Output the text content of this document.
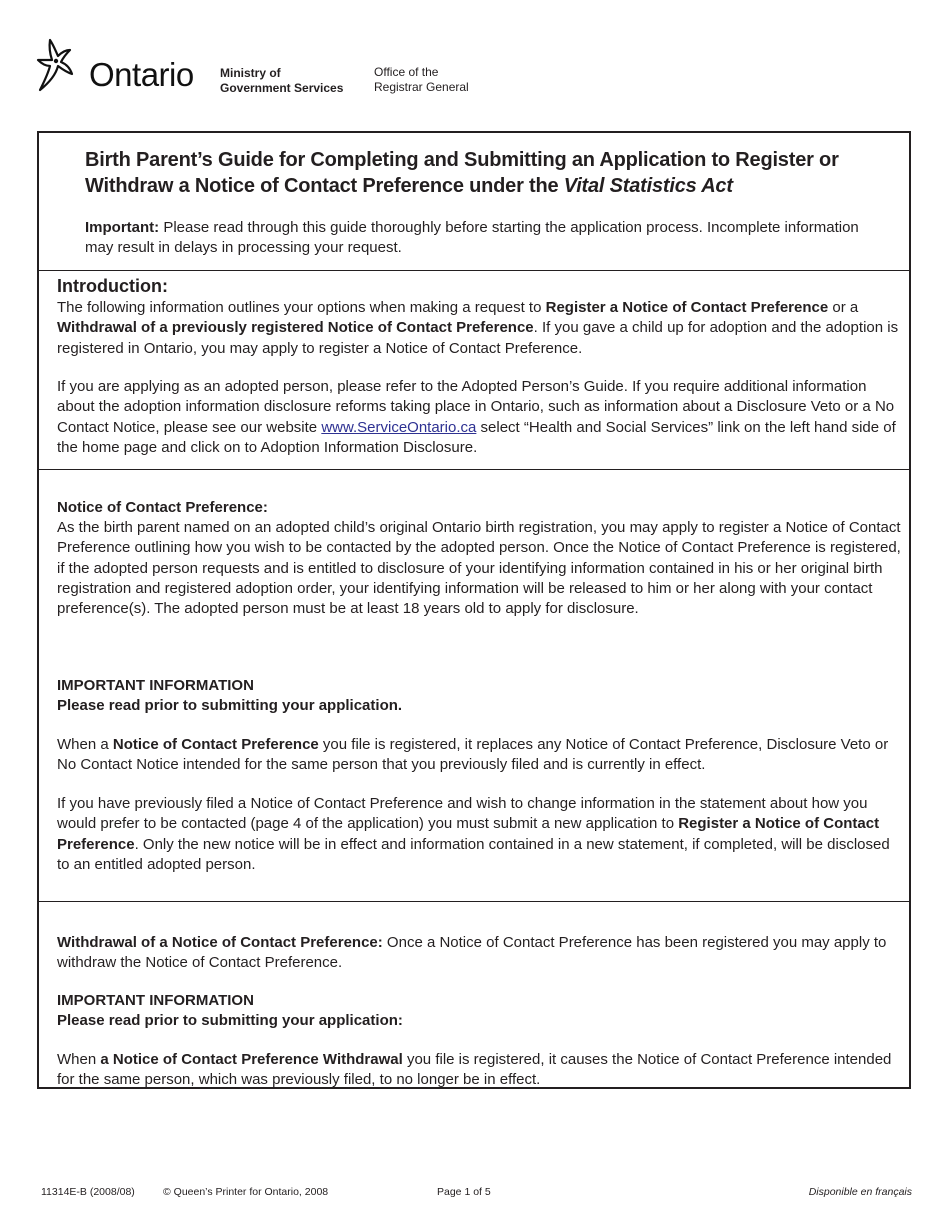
Ontario Ministry of
Government Services
Office of the
Registrar General
Birth Parent’s Guide for Completing and Submitting an Application to Register or
Withdraw a Notice of Contact Preference under the Vital Statistics Act
Important: Please read through this guide thoroughly before starting the application process. Incomplete information may result in delays in processing your request.
Introduction:
The following information outlines your options when making a request to Register a Notice of Contact Preference or a Withdrawal of a previously registered Notice of Contact Preference. If you gave a child up for adoption and the adoption is registered in Ontario, you may apply to register a Notice of Contact Preference.
If you are applying as an adopted person, please refer to the Adopted Person’s Guide. If you require additional information about the adoption information disclosure reforms taking place in Ontario, such as information about a Disclosure Veto or a No Contact Notice, please see our website www.ServiceOntario.ca select “Health and Social Services” link on the left hand side of the home page and click on to Adoption Information Disclosure.
Notice of Contact Preference:
As the birth parent named on an adopted child’s original Ontario birth registration, you may apply to register a Notice of Contact Preference outlining how you wish to be contacted by the adopted person. Once the Notice of Contact Preference is registered, if the adopted person requests and is entitled to disclosure of your identifying information contained in his or her original birth registration and registered adoption order, your identifying information will be released to him or her along with your contact preference(s). The adopted person must be at least 18 years old to apply for disclosure.
IMPORTANT INFORMATION
Please read prior to submitting your application.
When a Notice of Contact Preference you file is registered, it replaces any Notice of Contact Preference, Disclosure Veto or No Contact Notice intended for the same person that you previously filed and is currently in effect.
If you have previously filed a Notice of Contact Preference and wish to change information in the statement about how you would prefer to be contacted (page 4 of the application) you must submit a new application to Register a Notice of Contact Preference. Only the new notice will be in effect and information contained in a new statement, if completed, will be disclosed to an entitled adopted person.
Withdrawal of a Notice of Contact Preference: Once a Notice of Contact Preference has been registered you may apply to withdraw the Notice of Contact Preference.
IMPORTANT INFORMATION
Please read prior to submitting your application:
When a Notice of Contact Preference Withdrawal you file is registered, it causes the Notice of Contact Preference intended for the same person, which was previously filed, to no longer be in effect.
11314E-B (2008/08)	© Queen’s Printer for Ontario, 2008	Page 1 of 5	Disponible en français
